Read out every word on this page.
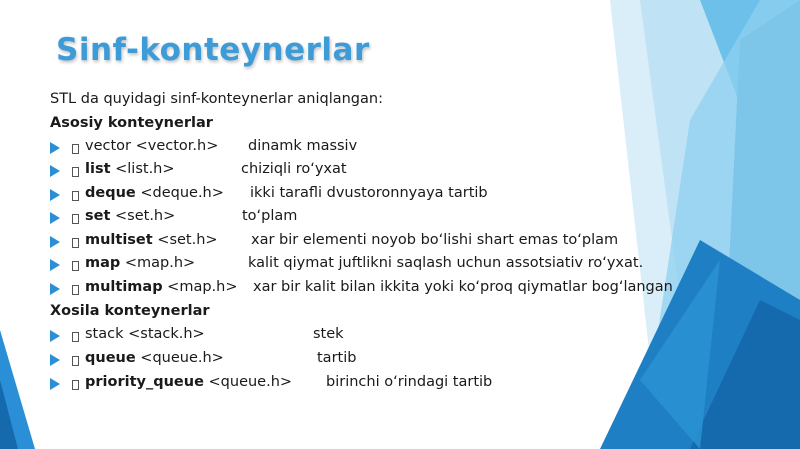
Sinf-konteynerlar
STL da quyidagi sinf-konteynerlar aniqlangan:
Asosiy konteynerlar
vector <vector.h> dinamk massiv
list <list.h>	chiziqli ro‘yxat
deque <deque.h> ikki tarafli dvustoronnyaya tartib
set <set.h>	to‘plam
multiset <set.h> xar bir elementi noyob bo‘lishi shart emas to‘plam
map <map.h>	kalit qiymat juftlikni saqlash uchun assotsiativ ro‘yxat.
multimap <map.h> xar bir kalit bilan ikkita yoki ko‘proq qiymatlar bog‘langan
Xosila konteynerlar
stack <stack.h>	stek
queue <queue.h>	tartib
priority_queue <queue.h> birinchi o‘rindagi tartib
